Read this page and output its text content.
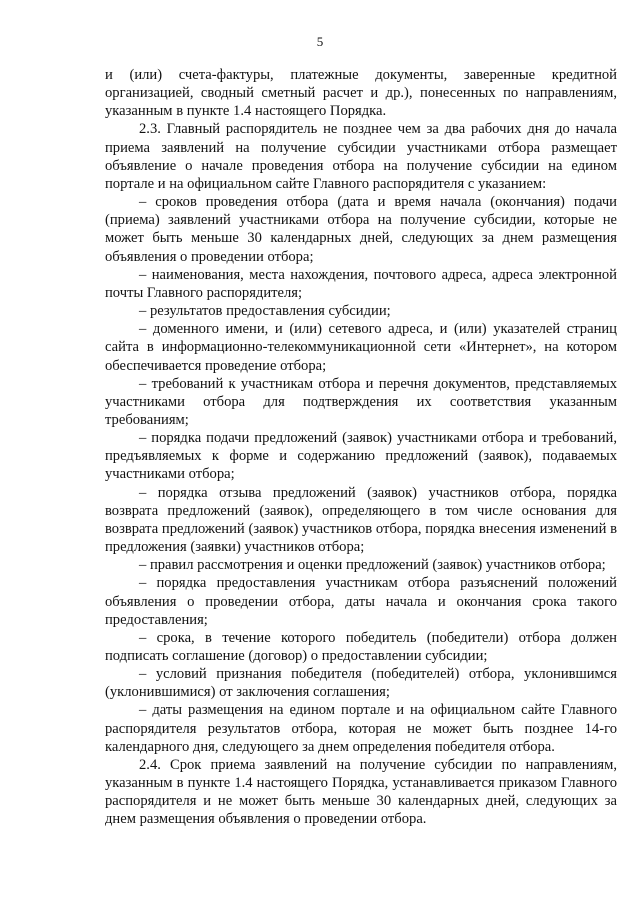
5

и (или) счета-фактуры, платежные документы, заверенные кредитной организацией, сводный сметный расчет и др.), понесенных по направлениям, указанным в пункте 1.4 настоящего Порядка.

2.3. Главный распорядитель не позднее чем за два рабочих дня до начала приема заявлений на получение субсидии участниками отбора размещает объявление о начале проведения отбора на получение субсидии на едином портале и на официальном сайте Главного распорядителя с указанием:

– сроков проведения отбора (дата и время начала (окончания) подачи (приема) заявлений участниками отбора на получение субсидии, которые не может быть меньше 30 календарных дней, следующих за днем размещения объявления о проведении отбора;

– наименования, места нахождения, почтового адреса, адреса электронной почты Главного распорядителя;

– результатов предоставления субсидии;

– доменного имени, и (или) сетевого адреса, и (или) указателей страниц сайта в информационно-телекоммуникационной сети «Интернет», на котором обеспечивается проведение отбора;

– требований к участникам отбора и перечня документов, представляемых участниками отбора для подтверждения их соответствия указанным требованиям;

– порядка подачи предложений (заявок) участниками отбора и требований, предъявляемых к форме и содержанию предложений (заявок), подаваемых участниками отбора;

– порядка отзыва предложений (заявок) участников отбора, порядка возврата предложений (заявок), определяющего в том числе основания для возврата предложений (заявок) участников отбора, порядка внесения изменений в предложения (заявки) участников отбора;

– правил рассмотрения и оценки предложений (заявок) участников отбора;

– порядка предоставления участникам отбора разъяснений положений объявления о проведении отбора, даты начала и окончания срока такого предоставления;

– срока, в течение которого победитель (победители) отбора должен подписать соглашение (договор) о предоставлении субсидии;

– условий признания победителя (победителей) отбора, уклонившимся (уклонившимися) от заключения соглашения;

– даты размещения на едином портале и на официальном сайте Главного распорядителя результатов отбора, которая не может быть позднее 14-го календарного дня, следующего за днем определения победителя отбора.

2.4. Срок приема заявлений на получение субсидии по направлениям, указанным в пункте 1.4 настоящего Порядка, устанавливается приказом Главного распорядителя и не может быть меньше 30 календарных дней, следующих за днем размещения объявления о проведении отбора.
